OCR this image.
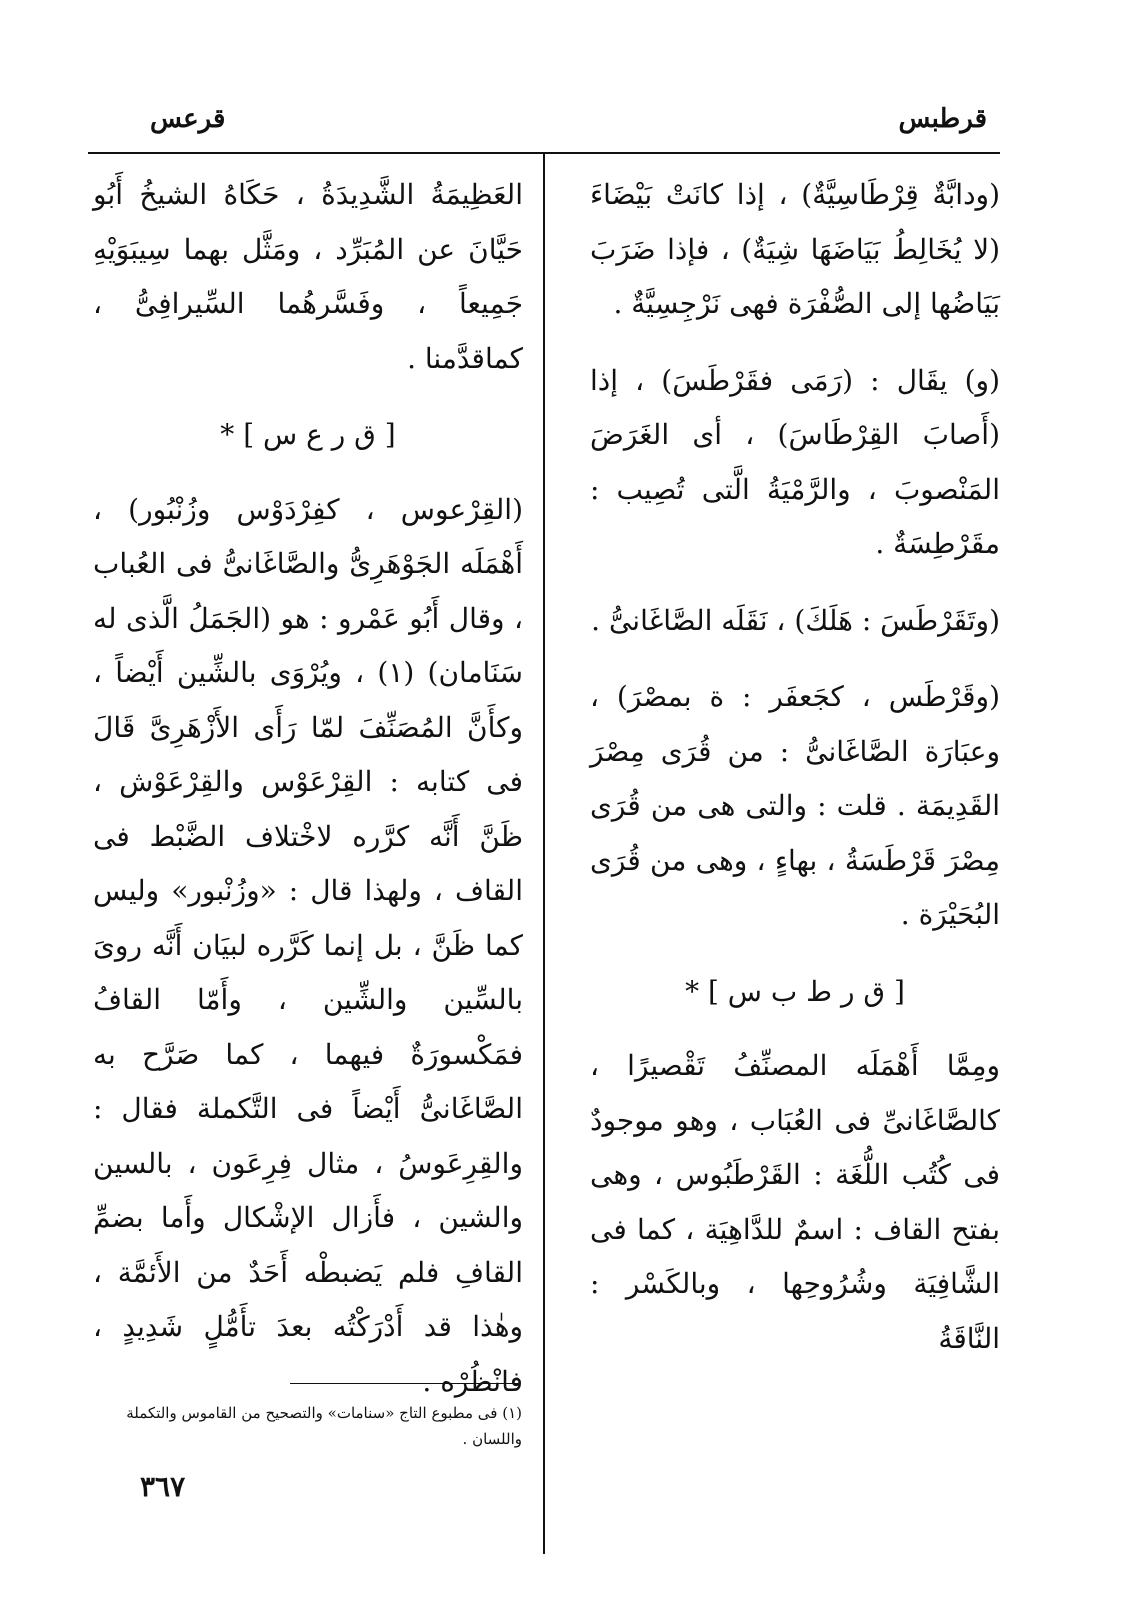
قرطبس
قرعس

(ودابَّةٌ قِرْطَاسِيَّةٌ) ، إذا كانَتْ بَيْضَاءَ (لا يُخَالِطُ بَيَاضَهَا شِيَةٌ) ، فإذا ضَرَبَ بَيَاضُها إلى الصُّفْرَة فهى نَرْجِسِيَّةٌ .

(و) يقَال : (رَمَى فقَرْطَسَ) ، إذا (أَصابَ القِرْطَاسَ) ، أى الغَرَضَ المَنْصوبَ ، والرَّمْيَةُ الَّتى تُصِيب : مقَرْطِسَةٌ .

(وتَقَرْطَسَ : هَلَكَ) ، نَقَلَه الصَّاغَانىُّ .

(وقَرْطَس ، كجَعفَر : ة بمصْرَ) ، وعبَارَة الصَّاغَانىُّ : من قُرَى مِصْرَ القَدِيمَة . قلت : والتى هى من قُرَى مِصْرَ قَرْطَسَةُ ، بهاءٍ ، وهى من قُرَى البُحَيْرَة .

[ ق ر ط ب س ] *

ومِمَّا أَهْمَلَه المصنِّفُ تَقْصيرًا ، كالصَّاغَانىِّ فى العُبَاب ، وهو موجودٌ فى كُتُب اللُّغَة : القَرْطَبُوس ، وهى بفتح القاف : اسمٌ للدَّاهِيَة ، كما فى الشَّافِيَة وشُرُوحِها ، وبالكَسْر : النَّاقَةُ

العَظِيمَةُ الشَّدِيدَةُ ، حَكَاهُ الشيخُ أَبُو حَيَّانَ عن المُبَرِّد ، ومَثَّل بهما سِيبَوَيْهِ جَمِيعاً ، وفَسَّرهُما السِّيرافِىُّ ، كماقدَّمنا .

[ ق ر ع س ] *

(القِرْعوس ، كفِرْدَوْس وزُنْبُور) ، أَهْمَلَه الجَوْهَرِىُّ والصَّاغَانىُّ فى العُباب ، وقال أَبُو عَمْرو : هو (الجَمَلُ الَّذى له سَنَامان) (١) ، ويُرْوَى بالشِّين أَيْضاً ، وكأَنَّ المُصَنِّفَ لمّا رَأَى الأَزْهَرِىَّ قَالَ فى كتابه : القِرْعَوْس والقِرْعَوْش ، ظَنَّ أَنَّه كرَّره لاخْتلاف الضَّبْط فى القاف ، ولهذا قال : «وزُنْبور» وليس كما ظَنَّ ، بل إنما كَرَّره لبيَان أَنَّه روىَ بالسِّين والشِّين ، وأَمّا القافُ فمَكْسورَةٌ فيهما ، كما صَرَّح به الصَّاغَانىُّ أَيْضاً فى التَّكملة فقال : والقِرِعَوسُ ، مثال فِرِعَون ، بالسين والشين ، فأَزال الإشْكال وأَما بضمِّ القافِ فلم يَضبطْه أَحَدٌ من الأَئمَّة ، وهٰذا قد أَدْرَكْتُه بعدَ تأَمُّلٍ شَدِيدٍ ، فانْظُرْه .

(١) فى مطبوع التاج «سنامات» والتصحيح من القاموس والتكملة واللسان .
٣٦٧
